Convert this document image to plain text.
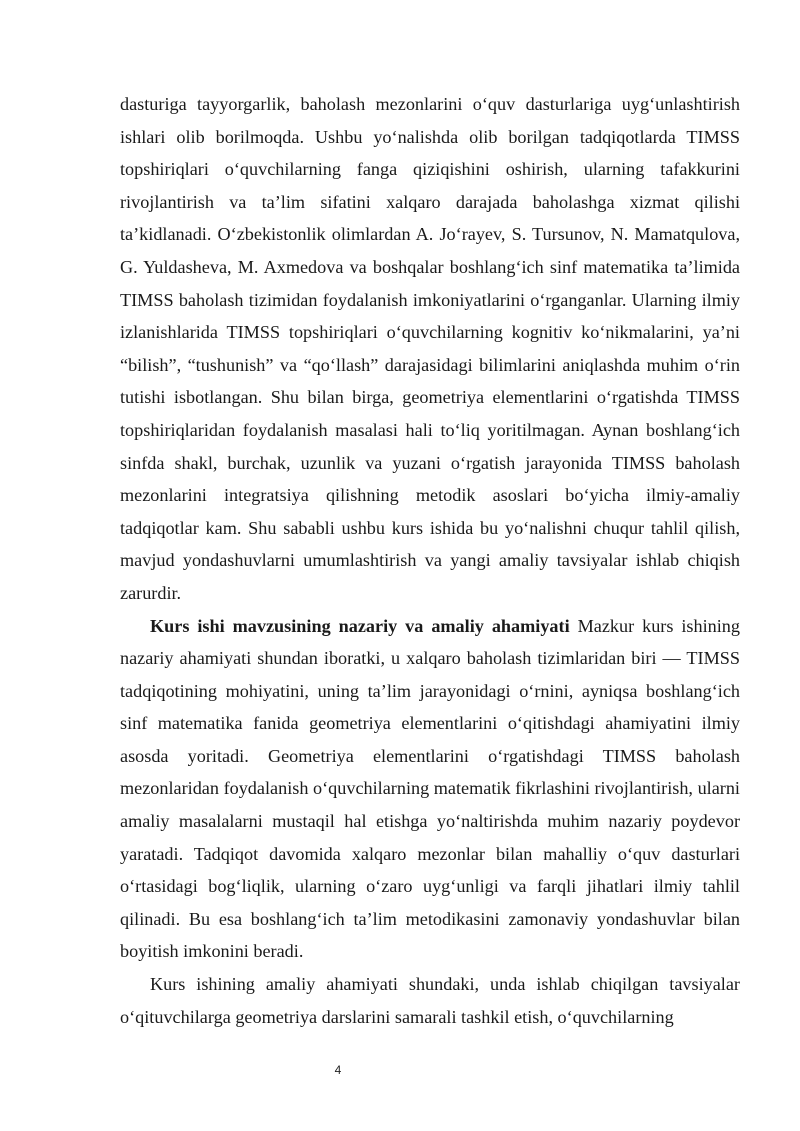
dasturiga tayyorgarlik, baholash mezonlarini o‘quv dasturlariga uyg‘unlashtirish ishlari olib borilmoqda. Ushbu yo‘nalishda olib borilgan tadqiqotlarda TIMSS topshiriqlari o‘quvchilarning fanga qiziqishini oshirish, ularning tafakkurini rivojlantirish va ta’lim sifatini xalqaro darajada baholashga xizmat qilishi ta’kidlanadi. O‘zbekistonlik olimlardan A. Jo‘rayev, S. Tursunov, N. Mamatqulova, G. Yuldasheva, M. Axmedova va boshqalar boshlang‘ich sinf matematika ta’limida TIMSS baholash tizimidan foydalanish imkoniyatlarini o‘rganganlar. Ularning ilmiy izlanishlarida TIMSS topshiriqlari o‘quvchilarning kognitiv ko‘nikmalarini, ya’ni “bilish”, “tushunish” va “qo‘llash” darajasidagi bilimlarini aniqlashda muhim o‘rin tutishi isbotlangan. Shu bilan birga, geometriya elementlarini o‘rgatishda TIMSS topshiriqlaridan foydalanish masalasi hali to‘liq yoritilmagan. Aynan boshlang‘ich sinfda shakl, burchak, uzunlik va yuzani o‘rgatish jarayonida TIMSS baholash mezonlarini integratsiya qilishning metodik asoslari bo‘yicha ilmiy-amaliy tadqiqotlar kam. Shu sababli ushbu kurs ishida bu yo‘nalishni chuqur tahlil qilish, mavjud yondashuvlarni umumlashtirish va yangi amaliy tavsiyalar ishlab chiqish zarurdir.

Kurs ishi mavzusining nazariy va amaliy ahamiyati Mazkur kurs ishining nazariy ahamiyati shundan iboratki, u xalqaro baholash tizimlaridan biri — TIMSS tadqiqotining mohiyatini, uning ta’lim jarayonidagi o‘rnini, ayniqsa boshlang‘ich sinf matematika fanida geometriya elementlarini o‘qitishdagi ahamiyatini ilmiy asosda yoritadi. Geometriya elementlarini o‘rgatishdagi TIMSS baholash mezonlaridan foydalanish o‘quvchilarning matematik fikrlashini rivojlantirish, ularni amaliy masalalarni mustaqil hal etishga yo‘naltirishda muhim nazariy poydevor yaratadi. Tadqiqot davomida xalqaro mezonlar bilan mahalliy o‘quv dasturlari o‘rtasidagi bog‘liqlik, ularning o‘zaro uyg‘unligi va farqli jihatlari ilmiy tahlil qilinadi. Bu esa boshlang‘ich ta’lim metodikasini zamonaviy yondashuvlar bilan boyitish imkonini beradi.

Kurs ishining amaliy ahamiyati shundaki, unda ishlab chiqilgan tavsiyalar o‘qituvchilarga geometriya darslarini samarali tashkil etish, o‘quvchilarning

4
